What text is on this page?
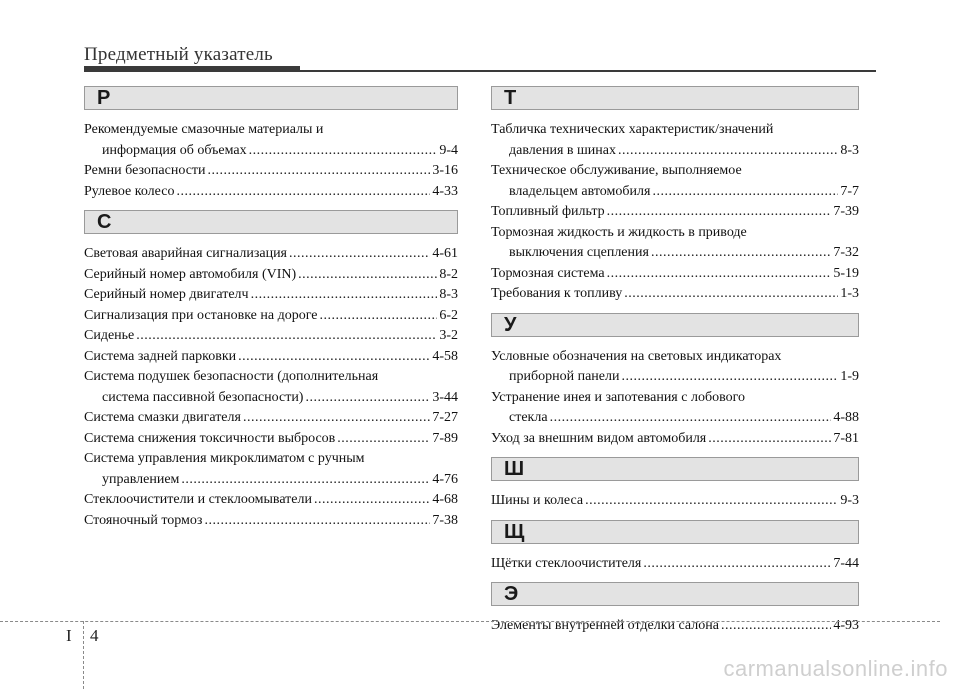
Предметный указатель
Р
Рекомендуемые смазочные материалы и
информация об объемах .....	9-4
Ремни безопасности .....	3-16
Рулевое колесо .....	4-33
С
Световая аварийная сигнализация .....	4-61
Серийный номер автомобиля (VIN) .....	8-2
Серийный номер двигателч .....	8-3
Сигнализация при остановке на дороге .....	6-2
Сиденье .....	3-2
Система задней парковки .....	4-58
Система подушек безопасности (дополнительная
система пассивной безопасности) .....	3-44
Система смазки двигателя .....	7-27
Система снижения токсичности выбросов .....	7-89
Система управления микроклиматом с ручным
управлением .....	4-76
Стеклоочистители и стеклоомыватели .....	4-68
Стояночный тормоз .....	7-38
Т
Табличка технических характеристик/значений
давления в шинах .....	8-3
Техническое обслуживание, выполняемое
владельцем автомобиля .....	7-7
Топливный фильтр .....	7-39
Тормозная жидкость и жидкость в приводе
выключения сцепления .....	7-32
Тормозная система .....	5-19
Требования к топливу .....	1-3
У
Условные обозначения на световых индикаторах
приборной панели .....	1-9
Устранение инея и запотевания с лобового
стекла .....	4-88
Уход за внешним видом автомобиля .....	7-81
Ш
Шины и колеса .....	9-3
Щ
Щётки стеклоочистителя .....	7-44
Э
Элементы внутренней отделки салона .....	4-93
I 4
carmanualsonline.info
